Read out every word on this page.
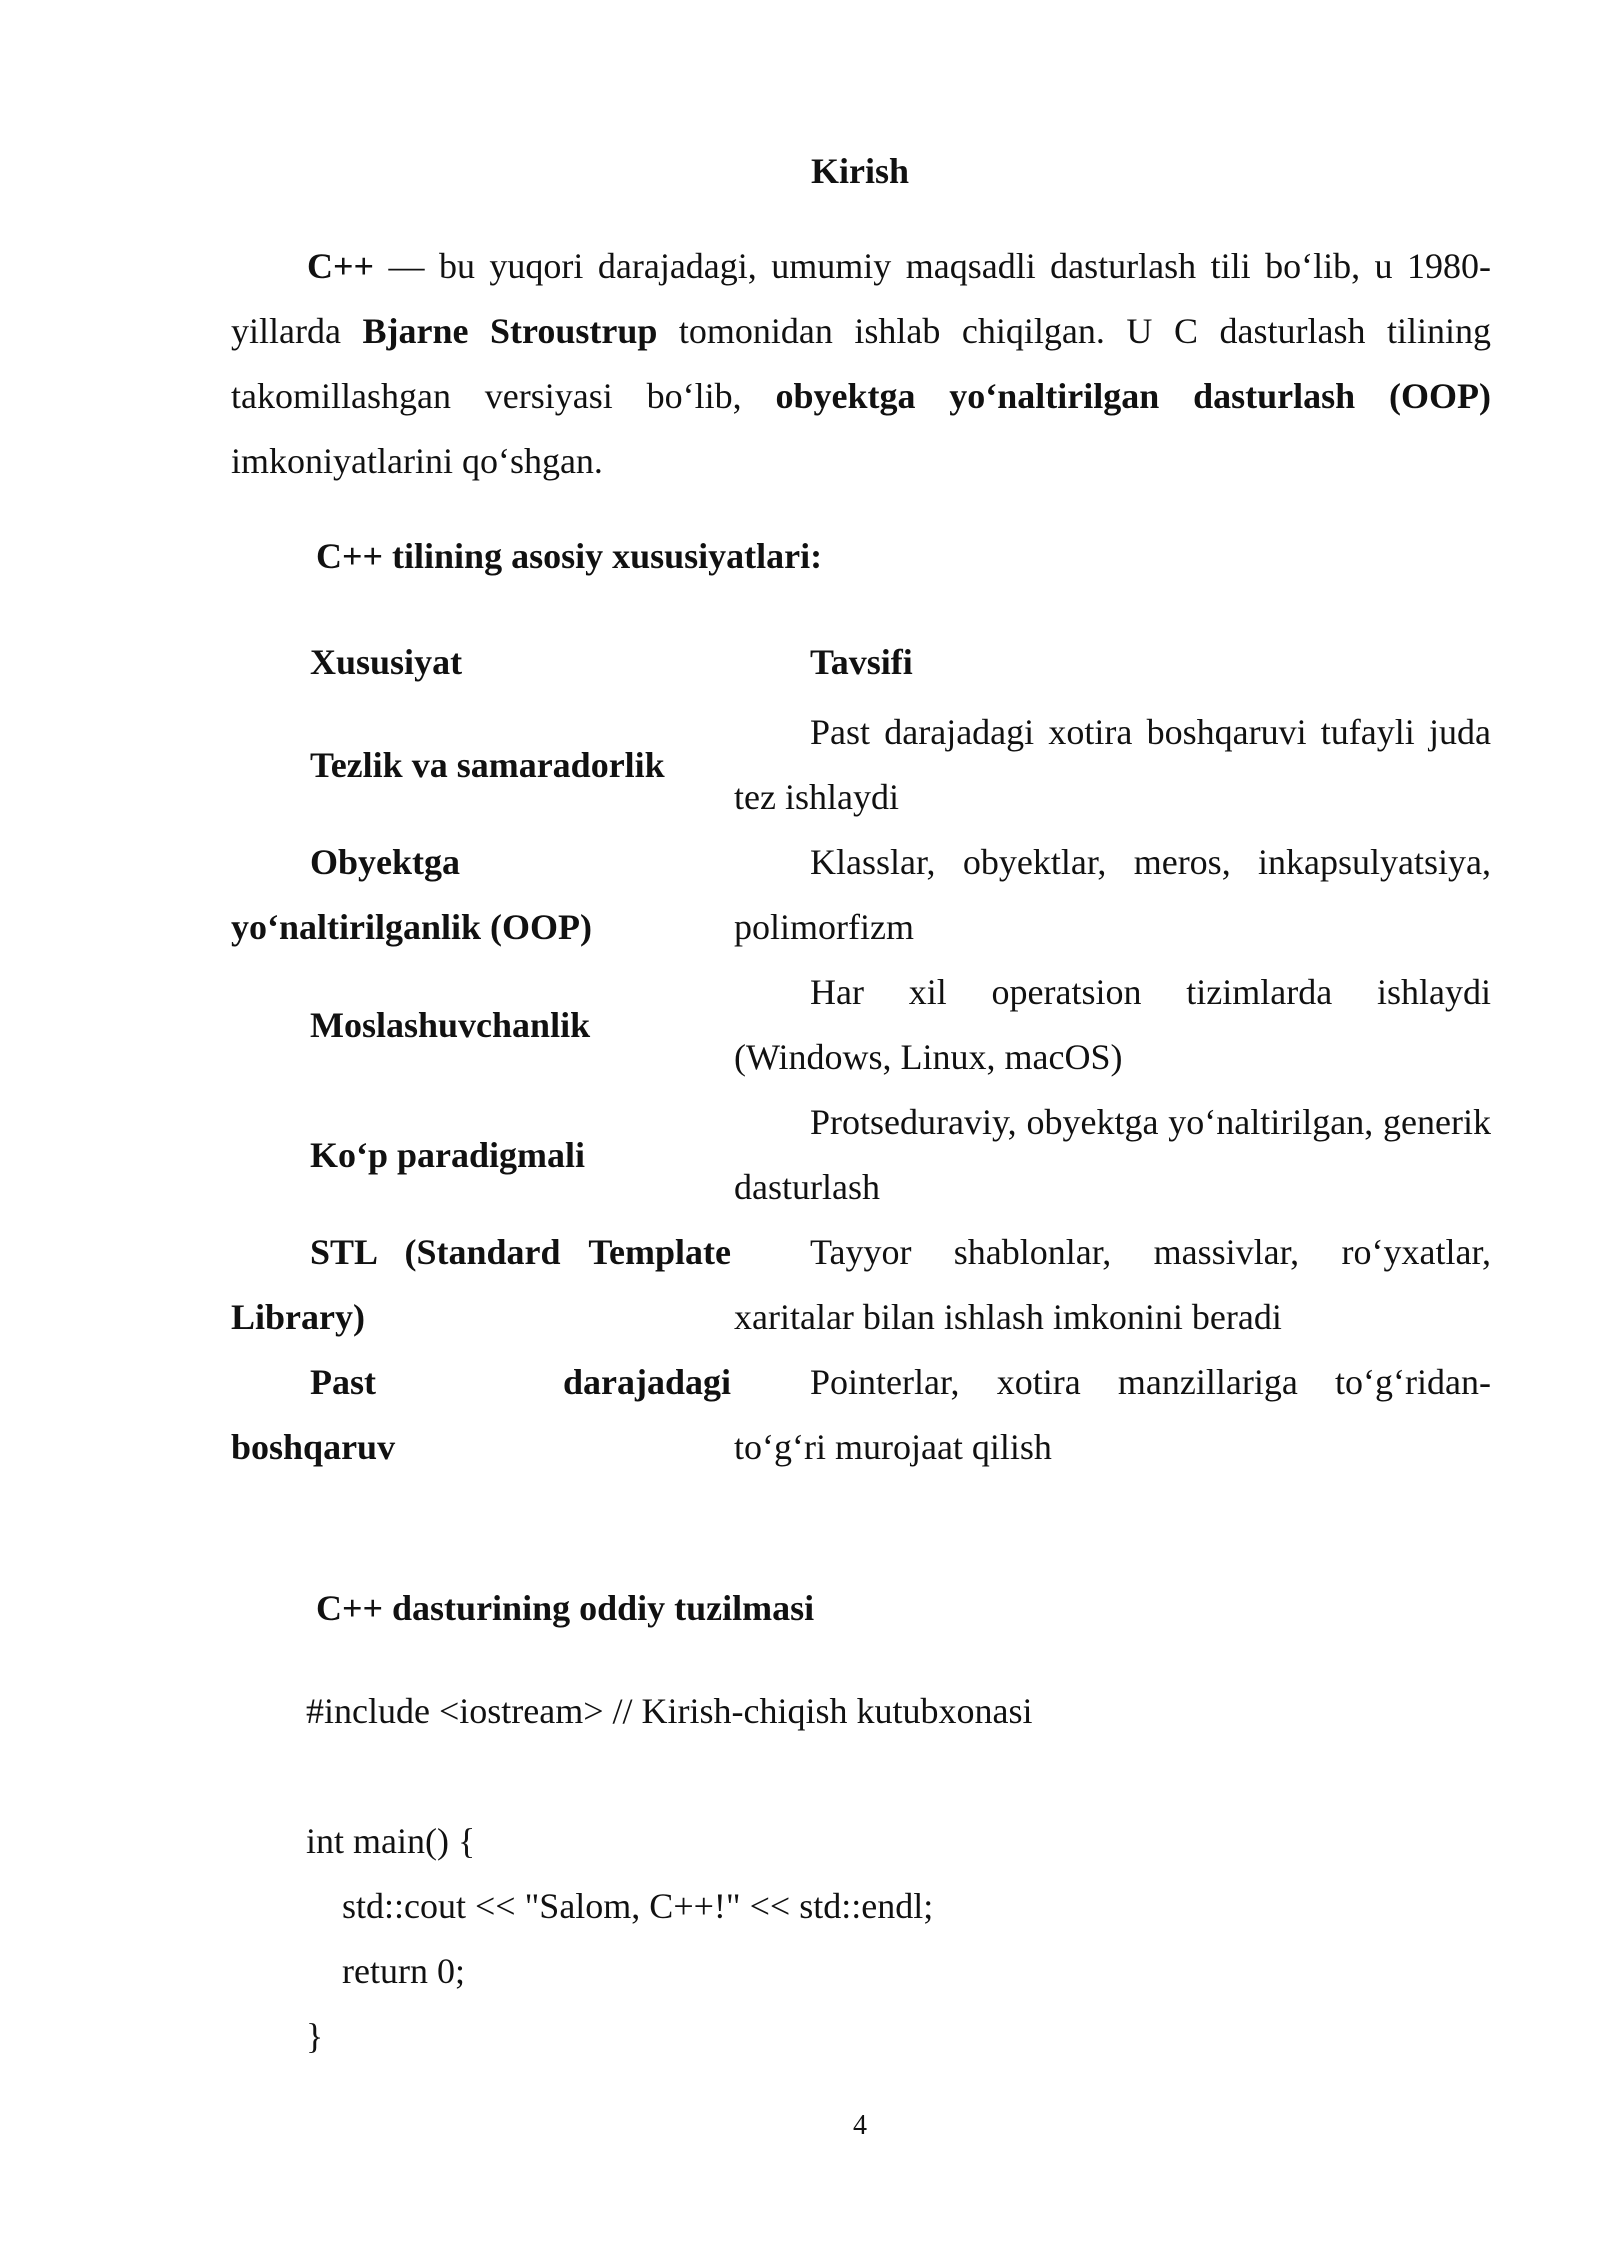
Kirish

C++ — bu yuqori darajadagi, umumiy maqsadli dasturlash tili bo‘lib, u 1980-yillarda Bjarne Stroustrup tomonidan ishlab chiqilgan. U C dasturlash tilining takomillashgan versiyasi bo‘lib, obyektga yo‘naltirilgan dasturlash (OOP) imkoniyatlarini qo‘shgan.

C++ tilining asosiy xususiyatlari:
Xususiyat	Tavsifi
Tezlik va samaradorlik
Past darajadagi xotira boshqaruvi tufayli juda tez ishlaydi
Obyektga
yo‘naltirilganlik (OOP)
Klasslar, obyektlar, meros, inkapsulyatsiya, polimorfizm
Moslashuvchanlik
Har xil operatsion tizimlarda ishlaydi (Windows, Linux, macOS)
Ko‘p paradigmali
Protseduraviy, obyektga yo‘naltirilgan, generik dasturlash
STL (Standard Template
Library)
Tayyor shablonlar, massivlar, ro‘yxatlar, xaritalar bilan ishlash imkonini beradi
Past darajadagi
boshqaruv
Pointerlar, xotira manzillariga to‘g‘ridan-to‘g‘ri murojaat qilish
C++ dasturining oddiy tuzilmasi
#include <iostream> // Kirish-chiqish kutubxonasi
int main() {
std::cout << "Salom, C++!" << std::endl;
return 0;
}
4
